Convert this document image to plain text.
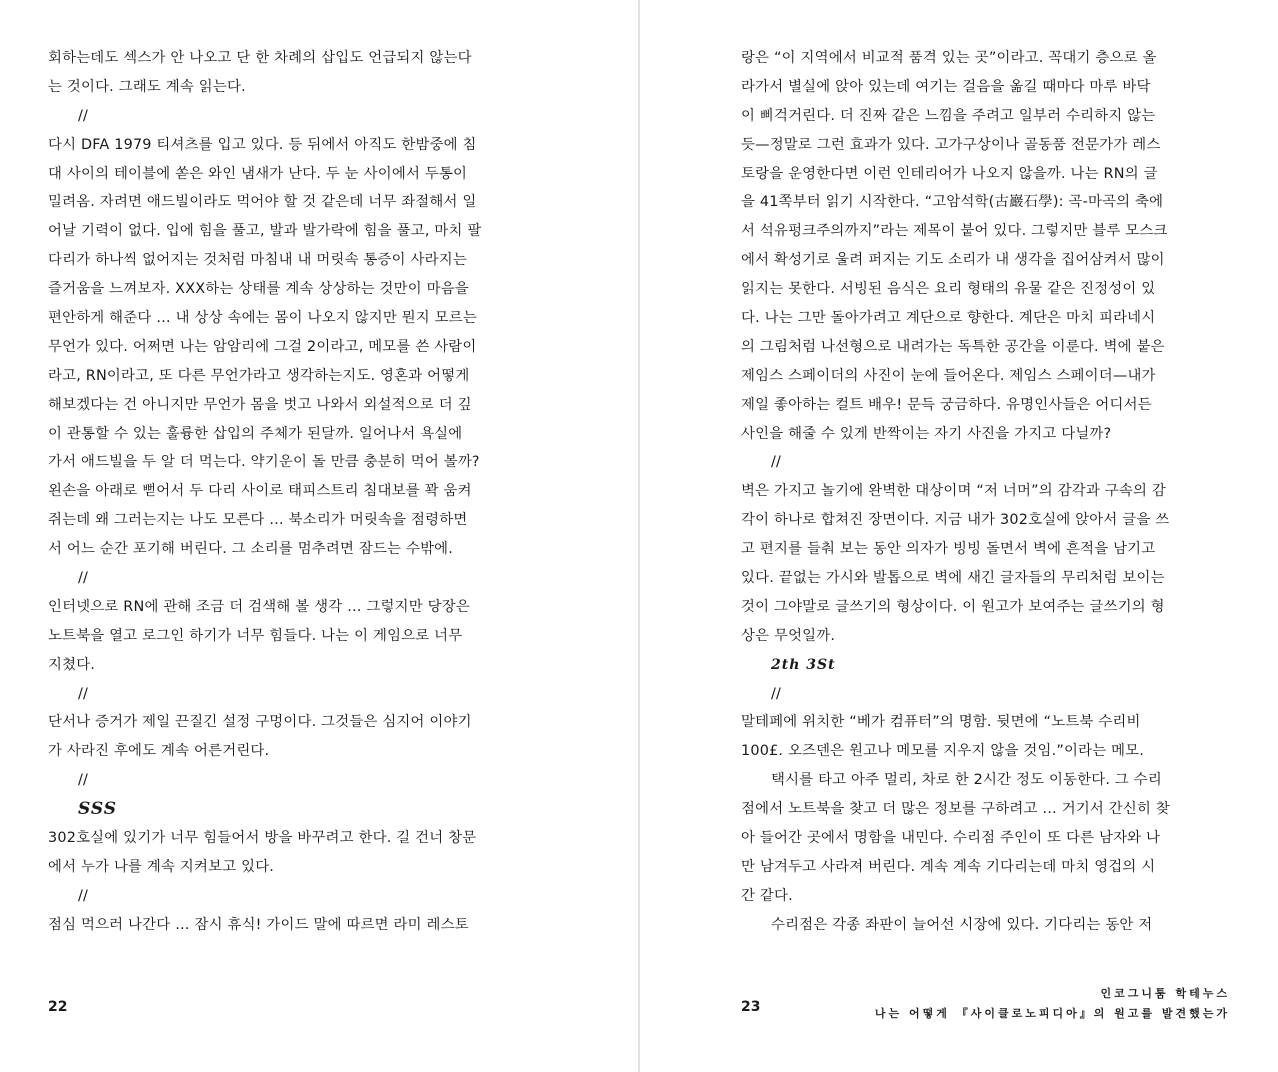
회하는데도 섹스가 안 나오고 단 한 차례의 삽입도 언급되지 않는다
는 것이다. 그래도 계속 읽는다.
//
다시 DFA 1979 티셔츠를 입고 있다. 등 뒤에서 아직도 한밤중에 침
대 사이의 테이블에 쏟은 와인 냄새가 난다. 두 눈 사이에서 두통이
밀려옴. 자려면 애드빌이라도 먹어야 할 것 같은데 너무 좌절해서 일
어날 기력이 없다. 입에 힘을 풀고, 발과 발가락에 힘을 풀고, 마치 팔
다리가 하나씩 없어지는 것처럼 마침내 내 머릿속 통증이 사라지는
즐거움을 느껴보자. XXX하는 상태를 계속 상상하는 것만이 마음을
편안하게 해준다 … 내 상상 속에는 몸이 나오지 않지만 뭔지 모르는
무언가 있다. 어쩌면 나는 암암리에 그걸 2이라고, 메모를 쓴 사람이
라고, RN이라고, 또 다른 무언가라고 생각하는지도. 영혼과 어떻게
해보겠다는 건 아니지만 무언가 몸을 벗고 나와서 외설적으로 더 깊
이 관통할 수 있는 훌륭한 삽입의 주체가 된달까. 일어나서 욕실에
가서 애드빌을 두 알 더 먹는다. 약기운이 돌 만큼 충분히 먹어 볼까?
왼손을 아래로 뻗어서 두 다리 사이로 태피스트리 침대보를 꽉 움켜
쥐는데 왜 그러는지는 나도 모른다 … 북소리가 머릿속을 점령하면
서 어느 순간 포기해 버린다. 그 소리를 멈추려면 잠드는 수밖에.
//
인터넷으로 RN에 관해 조금 더 검색해 볼 생각 … 그렇지만 당장은
노트북을 열고 로그인 하기가 너무 힘들다. 나는 이 게임으로 너무
지쳤다.
//
단서나 증거가 제일 끈질긴 설정 구멍이다. 그것들은 심지어 이야기
가 사라진 후에도 계속 어른거린다.
//
SSS
302호실에 있기가 너무 힘들어서 방을 바꾸려고 한다. 길 건너 창문
에서 누가 나를 계속 지켜보고 있다.
//
점심 먹으러 나간다 … 잠시 휴식! 가이드 말에 따르면 라미 레스토
22
랑은 “이 지역에서 비교적 품격 있는 곳”이라고. 꼭대기 층으로 올
라가서 별실에 앉아 있는데 여기는 걸음을 옮길 때마다 마루 바닥
이 삐걱거린다. 더 진짜 같은 느낌을 주려고 일부러 수리하지 않는
듯—정말로 그런 효과가 있다. 고가구상이나 골동품 전문가가 레스
토랑을 운영한다면 이런 인테리어가 나오지 않을까. 나는 RN의 글
을 41쪽부터 읽기 시작한다. “고암석학(古巖石學): 곡-마곡의 축에
서 석유펑크주의까지”라는 제목이 붙어 있다. 그렇지만 블루 모스크
에서 확성기로 울려 퍼지는 기도 소리가 내 생각을 집어삼켜서 많이
읽지는 못한다. 서빙된 음식은 요리 형태의 유물 같은 진정성이 있
다. 나는 그만 돌아가려고 계단으로 향한다. 계단은 마치 피라네시
의 그림처럼 나선형으로 내려가는 독특한 공간을 이룬다. 벽에 붙은
제임스 스페이더의 사진이 눈에 들어온다. 제임스 스페이더—내가
제일 좋아하는 컬트 배우! 문득 궁금하다. 유명인사들은 어디서든
사인을 해줄 수 있게 반짝이는 자기 사진을 가지고 다닐까?
//
벽은 가지고 놀기에 완벽한 대상이며 “저 너머”의 감각과 구속의 감
각이 하나로 합쳐진 장면이다. 지금 내가 302호실에 앉아서 글을 쓰
고 편지를 들춰 보는 동안 의자가 빙빙 돌면서 벽에 흔적을 남기고
있다. 끝없는 가시와 발톱으로 벽에 새긴 글자들의 무리처럼 보이는
것이 그야말로 글쓰기의 형상이다. 이 원고가 보여주는 글쓰기의 형
상은 무엇일까.
2th 3St
//
말테페에 위치한 “베가 컴퓨터”의 명함. 뒷면에 “노트북 수리비
100£. 오즈덴은 원고나 메모를 지우지 않을 것임.”이라는 메모.
택시를 타고 아주 멀리, 차로 한 2시간 정도 이동한다. 그 수리
점에서 노트북을 찾고 더 많은 정보를 구하려고 … 거기서 간신히 찾
아 들어간 곳에서 명함을 내민다. 수리점 주인이 또 다른 남자와 나
만 남겨두고 사라져 버린다. 계속 계속 기다리는데 마치 영겁의 시
간 같다.
수리점은 각종 좌판이 늘어선 시장에 있다. 기다리는 동안 저
23
인코그니툼 학테누스
나는 어떻게 『사이클로노피디아』의 원고를 발견했는가
